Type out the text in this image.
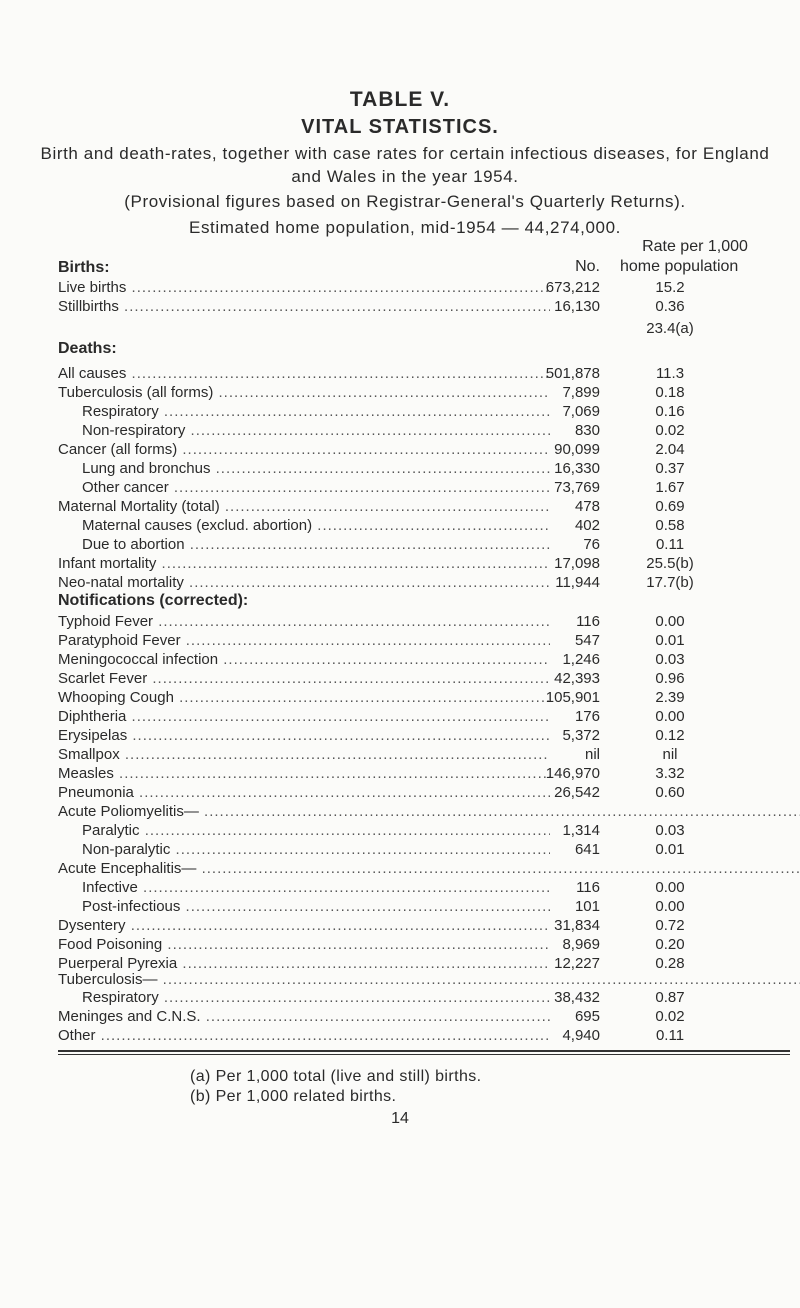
TABLE V.
VITAL STATISTICS.
Birth and death-rates, together with case rates for certain infectious diseases, for England and Wales in the year 1954.
(Provisional figures based on Registrar-General's Quarterly Returns).
Estimated home population, mid-1954 — 44,274,000.
Rate per 1,000
No. home population
Births:
Live births .....	673,212	15.2
Stillbirths .....	16,130	0.36
23.4(a)
Deaths:
All causes .....	501,878	11.3
Tuberculosis (all forms) .....	7,899	0.18
Respiratory .....	7,069	0.16
Non-respiratory .....	830	0.02
Cancer (all forms) .....	90,099	2.04
Lung and bronchus .....	16,330	0.37
Other cancer .....	73,769	1.67
Maternal Mortality (total) .....	478	0.69
Maternal causes (exclud. abortion) .....	402	0.58
Due to abortion .....	76	0.11
Infant mortality .....	17,098	25.5(b)
Neo-natal mortality .....	11,944	17.7(b)
Notifications (corrected):
Typhoid Fever .....	116	0.00
Paratyphoid Fever .....	547	0.01
Meningococcal infection .....	1,246	0.03
Scarlet Fever .....	42,393	0.96
Whooping Cough .....	105,901	2.39
Diphtheria .....	176	0.00
Erysipelas .....	5,372	0.12
Smallpox .....	nil	nil
Measles .....	146,970	3.32
Pneumonia .....	26,542	0.60
Acute Poliomyelitis— .....
Paralytic .....	1,314	0.03
Non-paralytic .....	641	0.01
Acute Encephalitis— .....
Infective .....	116	0.00
Post-infectious .....	101	0.00
Dysentery .....	31,834	0.72
Food Poisoning .....	8,969	0.20
Puerperal Pyrexia .....	12,227	0.28
Tuberculosis— .....
Respiratory .....	38,432	0.87
Meninges and C.N.S. .....	695	0.02
Other .....	4,940	0.11
(a) Per 1,000 total (live and still) births.
(b) Per 1,000 related births.
14
